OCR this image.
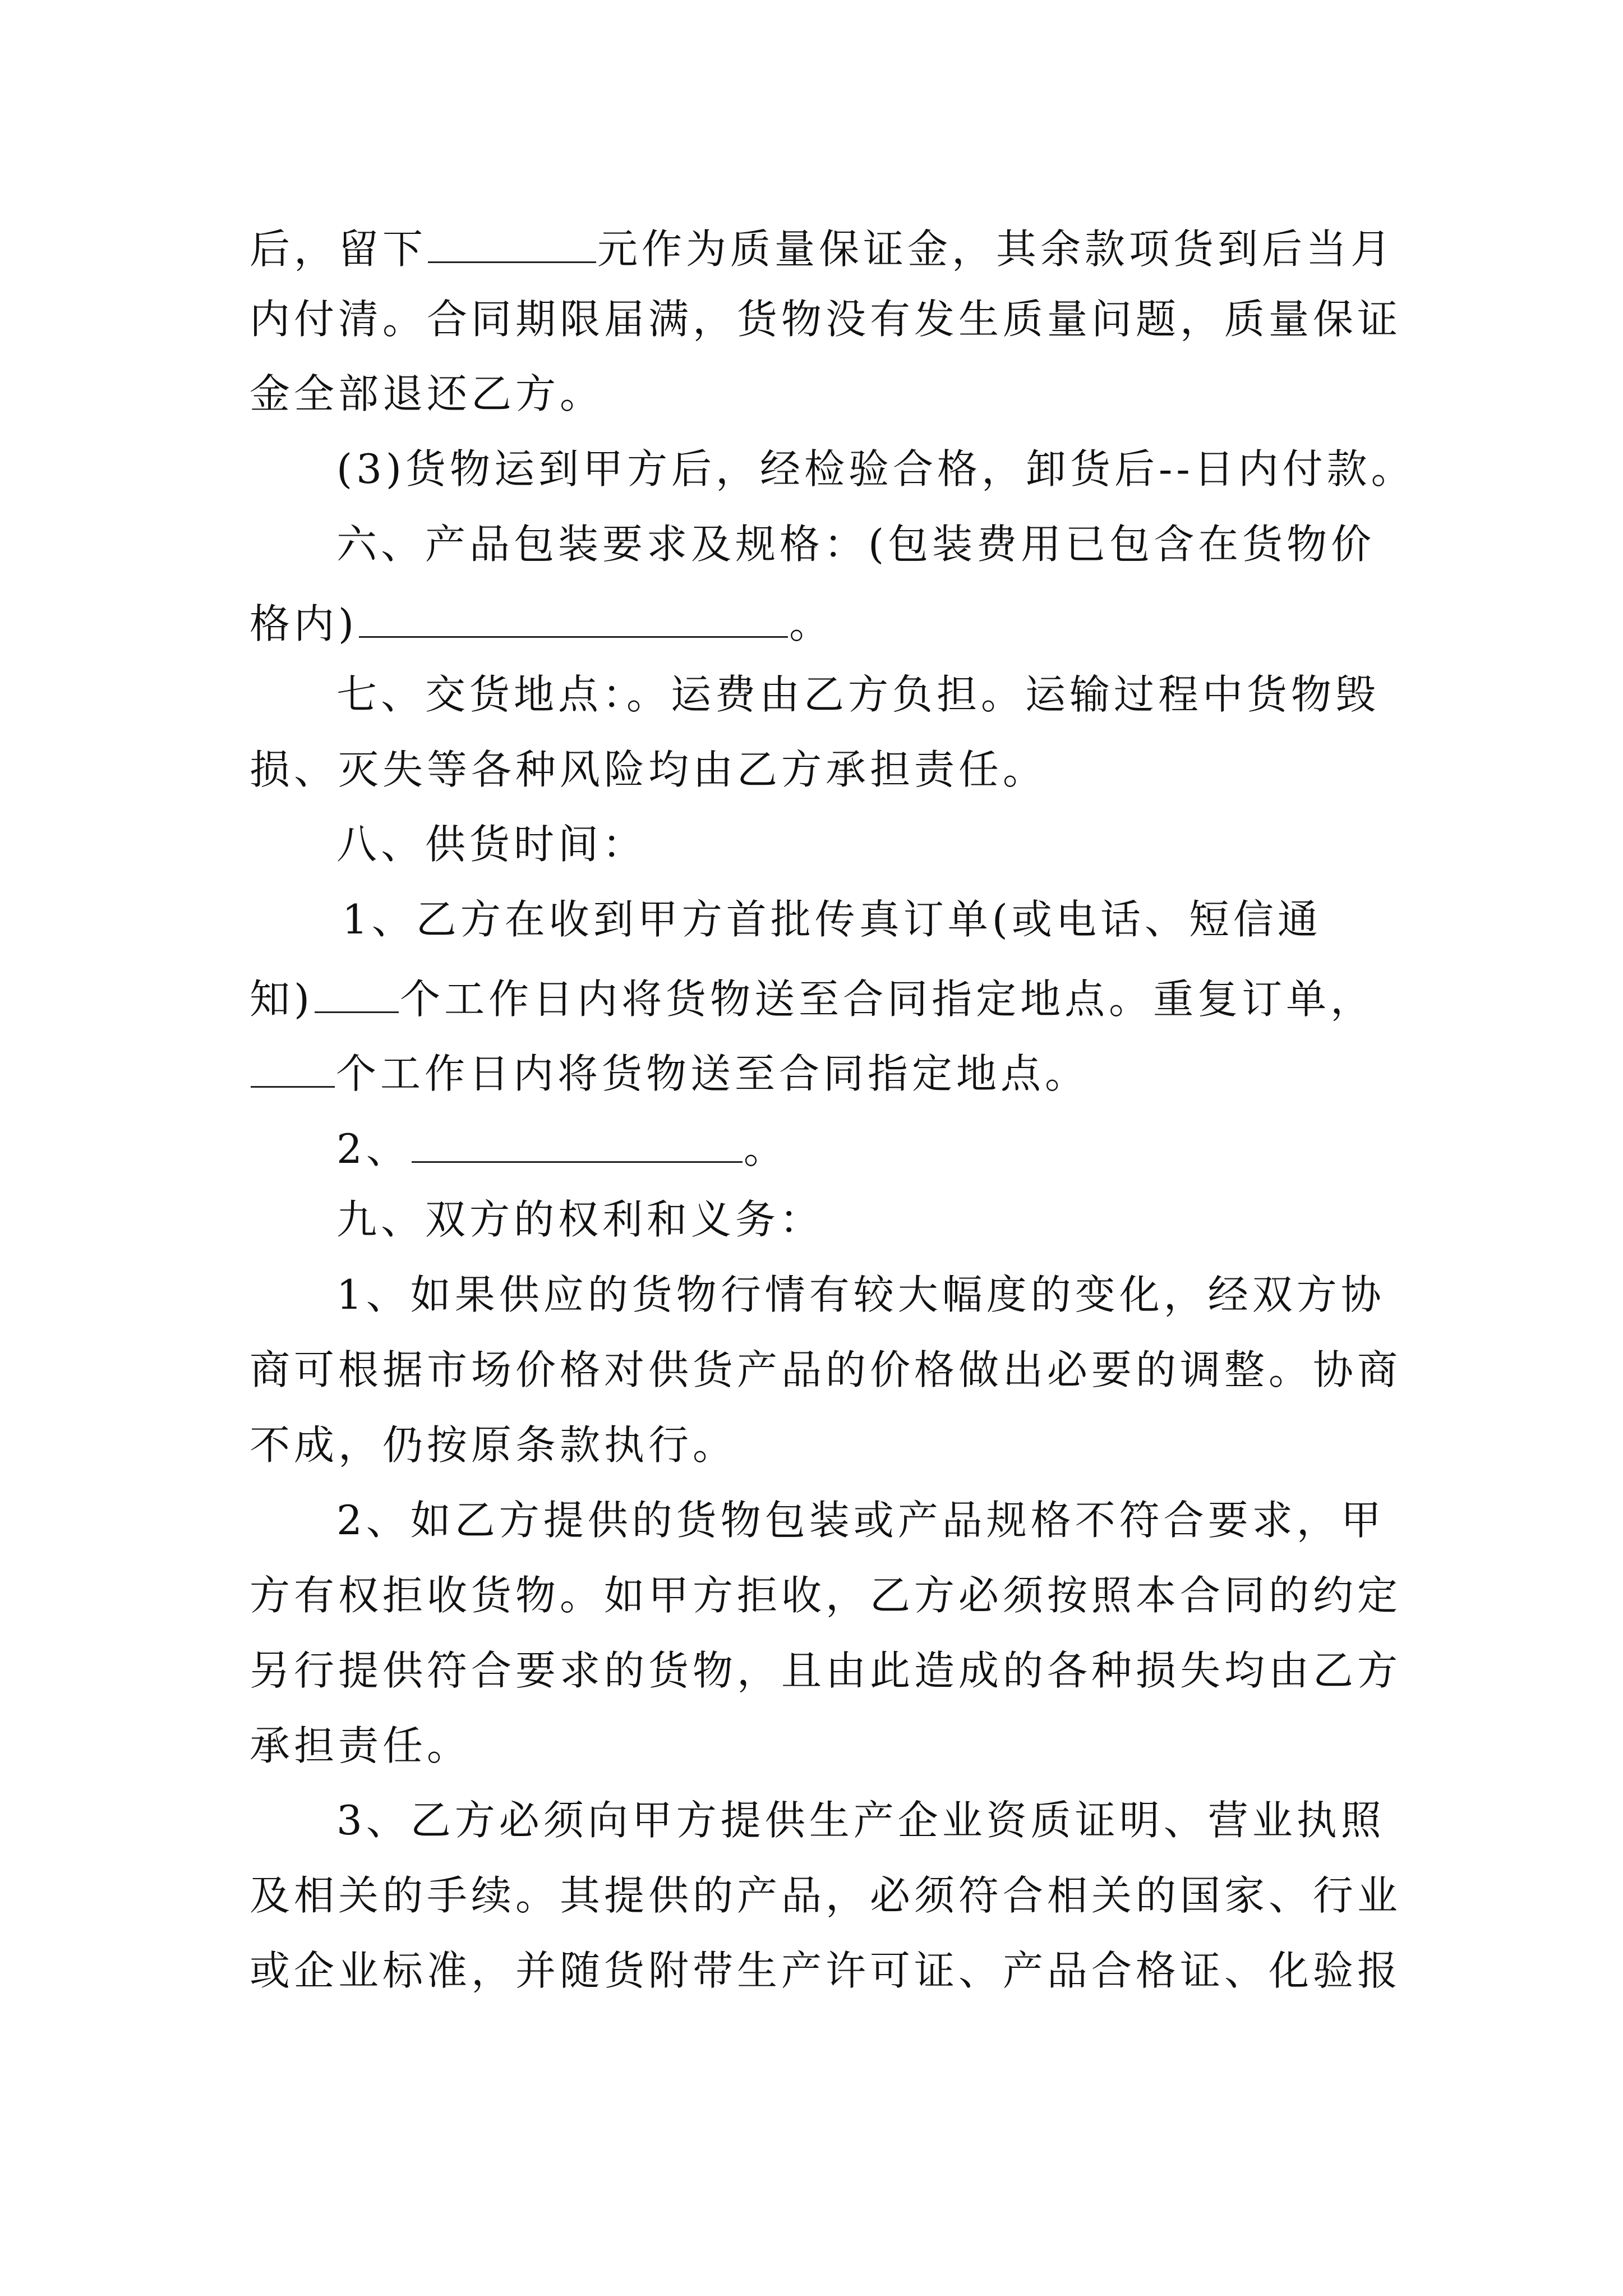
后，留下	元作为质量保证金，其余款项货到后当月
内付清。合同期限届满，货物没有发生质量问题，质量保证
金全部退还乙方。
(3)货物运到甲方后，经检验合格，卸货后--日内付款。
六、产品包装要求及规格：(包装费用已包含在货物价
格内)	。
七、交货地点：。运费由乙方负担。运输过程中货物毁
损、灭失等各种风险均由乙方承担责任。
八、供货时间：
1、乙方在收到甲方首批传真订单(或电话、短信通
知) 个工作日内将货物送至合同指定地点。重复订单，
个工作日内将货物送至合同指定地点。
2、	。
九、双方的权利和义务：
1、如果供应的货物行情有较大幅度的变化，经双方协
商可根据市场价格对供货产品的价格做出必要的调整。协商
不成，仍按原条款执行。
2、如乙方提供的货物包装或产品规格不符合要求，甲
方有权拒收货物。如甲方拒收，乙方必须按照本合同的约定
另行提供符合要求的货物，且由此造成的各种损失均由乙方
承担责任。
3、乙方必须向甲方提供生产企业资质证明、营业执照
及相关的手续。其提供的产品，必须符合相关的国家、行业
或企业标准，并随货附带生产许可证、产品合格证、化验报
